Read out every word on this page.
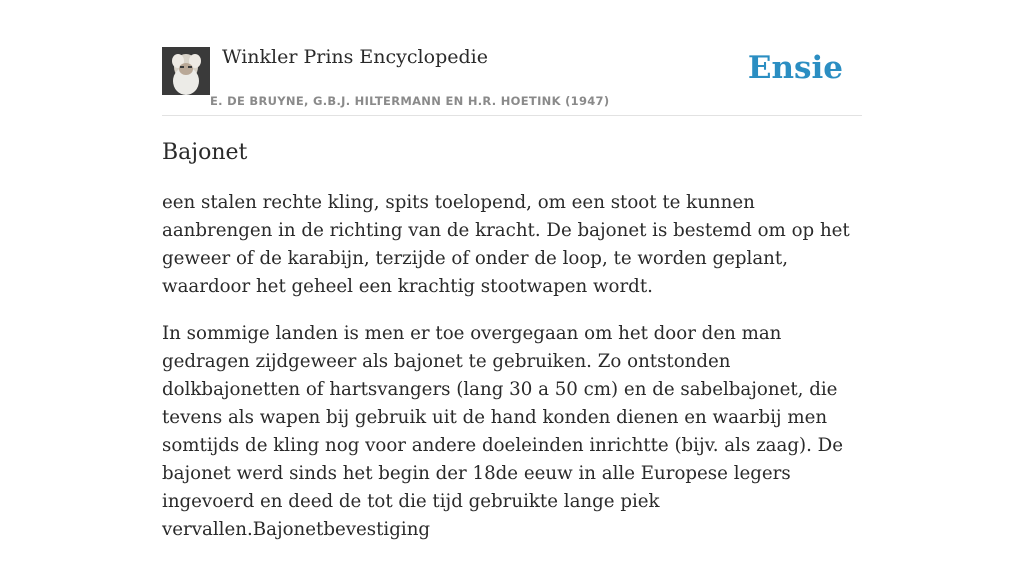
Winkler Prins Encyclopedie
E. DE BRUYNE, G.B.J. HILTERMANN EN H.R. HOETINK (1947)
Ensie
Bajonet

een stalen rechte kling, spits toelopend, om een stoot te kunnen aanbrengen in de richting van de kracht. De bajonet is bestemd om op het geweer of de karabijn, terzijde of onder de loop, te worden geplant, waardoor het geheel een krachtig stootwapen wordt.

In sommige landen is men er toe overgegaan om het door den man gedragen zijdgeweer als bajonet te gebruiken. Zo ontstonden dolkbajonetten of hartsvangers (lang 30 a 50 cm) en de sabelbajonet, die tevens als wapen bij gebruik uit de hand konden dienen en waarbij men somtijds de kling nog voor andere doeleinden inrichtte (bijv. als zaag). De bajonet werd sinds het begin der 18de eeuw in alle Europese legers ingevoerd en deed de tot die tijd gebruikte lange piek vervallen.Bajonetbevestiging
